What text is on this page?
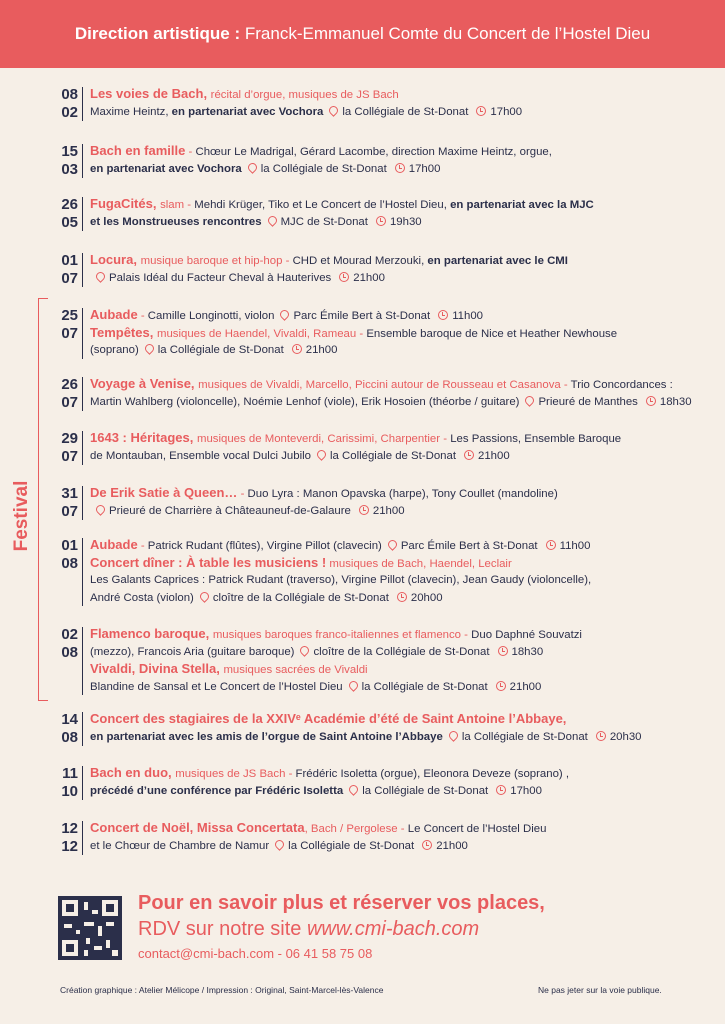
Direction artistique : Franck-Emmanuel Comte du Concert de l’Hostel Dieu
Festival
08
02
Les voies de Bach, récital d’orgue, musiques de JS Bach
Maxime Heintz, en partenariat avec Vochora la Collégiale de St-Donat 17h00
15
03
Bach en famille - Chœur Le Madrigal, Gérard Lacombe, direction Maxime Heintz, orgue,
en partenariat avec Vochora la Collégiale de St-Donat 17h00
26
05
FugaCités, slam - Mehdi Krüger, Tiko et Le Concert de l’Hostel Dieu, en partenariat avec la MJC
et les Monstrueuses rencontres MJC de St-Donat 19h30
01
07
Locura, musique baroque et hip-hop - CHD et Mourad Merzouki, en partenariat avec le CMI
Palais Idéal du Facteur Cheval à Hauterives 21h00
25
07
Aubade - Camille Longinotti, violon Parc Émile Bert à St-Donat 11h00
Tempêtes, musiques de Haendel, Vivaldi, Rameau - Ensemble baroque de Nice et Heather Newhouse
(soprano) la Collégiale de St-Donat 21h00
26
07
Voyage à Venise, musiques de Vivaldi, Marcello, Piccini autour de Rousseau et Casanova - Trio Concordances :
Martin Wahlberg (violoncelle), Noémie Lenhof (viole), Erik Hosoien (théorbe / guitare) Prieuré de Manthes 18h30
29
07
1643 : Héritages, musiques de Monteverdi, Carissimi, Charpentier - Les Passions, Ensemble Baroque
de Montauban, Ensemble vocal Dulci Jubilo la Collégiale de St-Donat 21h00
31
07
De Erik Satie à Queen… - Duo Lyra : Manon Opavska (harpe), Tony Coullet (mandoline)
Prieuré de Charrière à Châteauneuf-de-Galaure 21h00
01
08
Aubade - Patrick Rudant (flûtes), Virgine Pillot (clavecin) Parc Émile Bert à St-Donat 11h00
Concert dîner : À table les musiciens ! musiques de Bach, Haendel, Leclair
Les Galants Caprices : Patrick Rudant (traverso), Virgine Pillot (clavecin), Jean Gaudy (violoncelle),
André Costa (violon) cloître de la Collégiale de St-Donat 20h00
02
08
Flamenco baroque, musiques baroques franco-italiennes et flamenco - Duo Daphné Souvatzi
(mezzo), Francois Aria (guitare baroque) cloître de la Collégiale de St-Donat 18h30
Vivaldi, Divina Stella, musiques sacrées de Vivaldi
Blandine de Sansal et Le Concert de l’Hostel Dieu la Collégiale de St-Donat 21h00
14
08
Concert des stagiaires de la XXIVᵉ Académie d’été de Saint Antoine l’Abbaye,
en partenariat avec les amis de l’orgue de Saint Antoine l’Abbaye la Collégiale de St-Donat 20h30
11
10
Bach en duo, musiques de JS Bach - Frédéric Isoletta (orgue), Eleonora Deveze (soprano) ,
précédé d’une conférence par Frédéric Isoletta la Collégiale de St-Donat 17h00
12
12
Concert de Noël, Missa Concertata, Bach / Pergolese - Le Concert de l’Hostel Dieu
et le Chœur de Chambre de Namur la Collégiale de St-Donat 21h00
Pour en savoir plus et réserver vos places,
RDV sur notre site www.cmi-bach.com
contact@cmi-bach.com - 06 41 58 75 08
Création graphique : Atelier Mélicope / Impression : Original, Saint-Marcel-lès-Valence	Ne pas jeter sur la voie publique.
